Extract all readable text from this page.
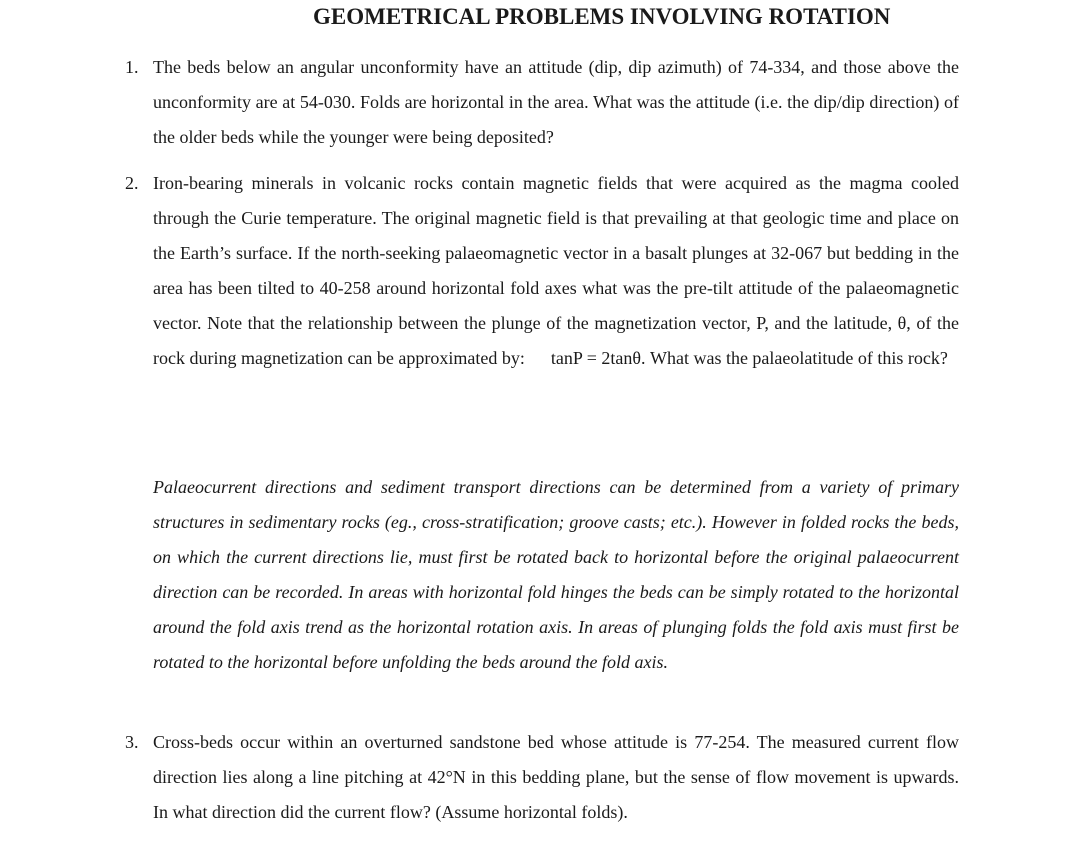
GEOMETRICAL PROBLEMS INVOLVING ROTATION
1. The beds below an angular unconformity have an attitude (dip, dip azimuth) of 74-334, and those above the unconformity are at 54-030. Folds are horizontal in the area. What was the attitude (i.e. the dip/dip direction) of the older beds while the younger were being deposited?

2. Iron-bearing minerals in volcanic rocks contain magnetic fields that were acquired as the magma cooled through the Curie temperature. The original magnetic field is that prevailing at that geologic time and place on the Earth’s surface. If the north-seeking palaeomagnetic vector in a basalt plunges at 32-067 but bedding in the area has been tilted to 40-258 around horizontal fold axes what was the pre-tilt attitude of the palaeomagnetic vector. Note that the relationship between the plunge of the magnetization vector, P, and the latitude, θ, of the rock during magnetization can be approximated by: tanP = 2tanθ. What was the palaeolatitude of this rock?

Palaeocurrent directions and sediment transport directions can be determined from a variety of primary structures in sedimentary rocks (eg., cross-stratification; groove casts; etc.). However in folded rocks the beds, on which the current directions lie, must first be rotated back to horizontal before the original palaeocurrent direction can be recorded. In areas with horizontal fold hinges the beds can be simply rotated to the horizontal around the fold axis trend as the horizontal rotation axis. In areas of plunging folds the fold axis must first be rotated to the horizontal before unfolding the beds around the fold axis.

3. Cross-beds occur within an overturned sandstone bed whose attitude is 77-254. The measured current flow direction lies along a line pitching at 42°N in this bedding plane, but the sense of flow movement is upwards. In what direction did the current flow? (Assume horizontal folds).
